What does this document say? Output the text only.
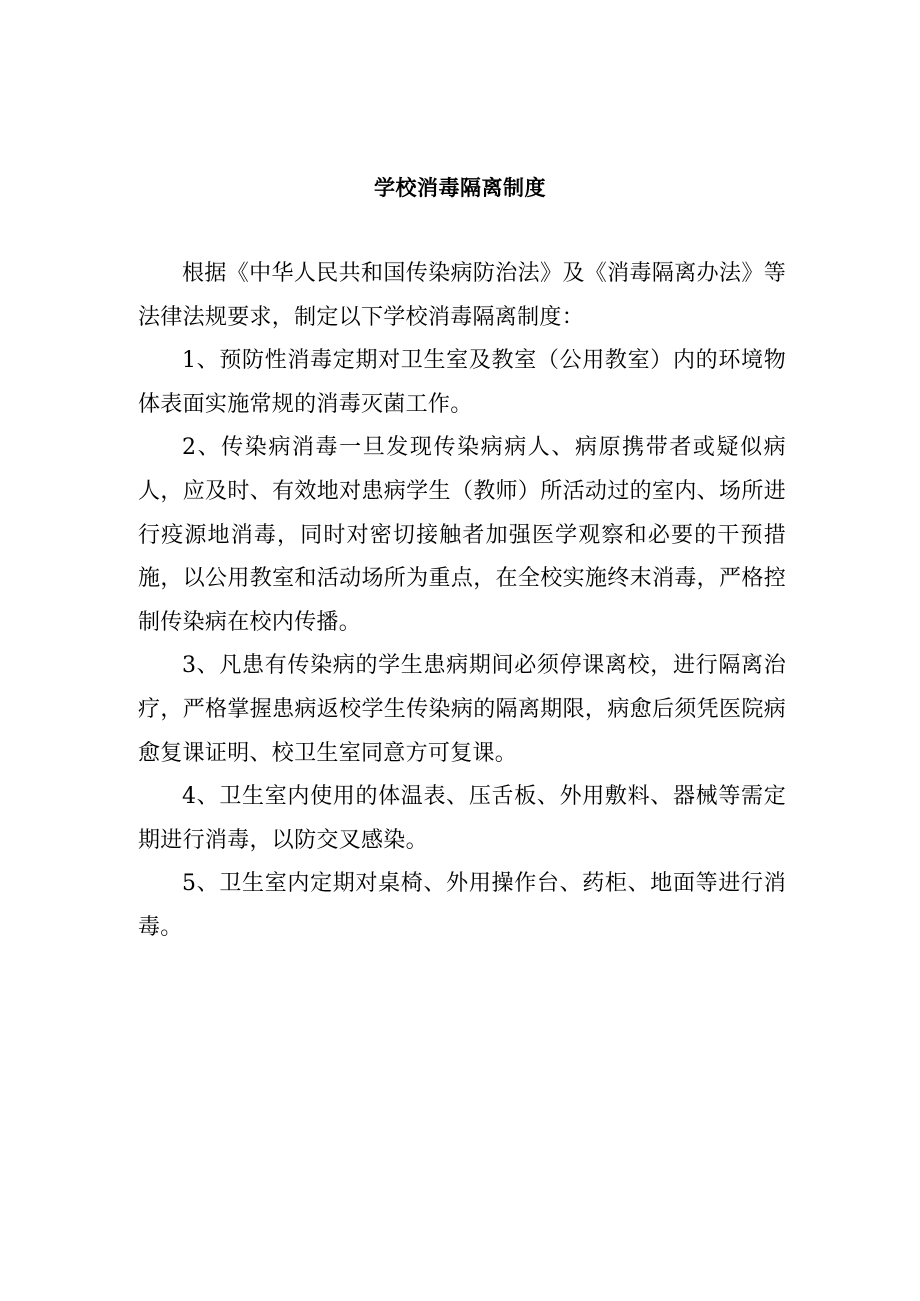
学校消毒隔离制度

根据《中华人民共和国传染病防治法》及《消毒隔离办法》等法律法规要求，制定以下学校消毒隔离制度：

1、预防性消毒定期对卫生室及教室（公用教室）内的环境物体表面实施常规的消毒灭菌工作。

2、传染病消毒一旦发现传染病病人、病原携带者或疑似病人，应及时、有效地对患病学生（教师）所活动过的室内、场所进行疫源地消毒，同时对密切接触者加强医学观察和必要的干预措施，以公用教室和活动场所为重点，在全校实施终末消毒，严格控制传染病在校内传播。

3、凡患有传染病的学生患病期间必须停课离校，进行隔离治疗，严格掌握患病返校学生传染病的隔离期限，病愈后须凭医院病愈复课证明、校卫生室同意方可复课。

4、卫生室内使用的体温表、压舌板、外用敷料、器械等需定期进行消毒，以防交叉感染。

5、卫生室内定期对桌椅、外用操作台、药柜、地面等进行消毒。
